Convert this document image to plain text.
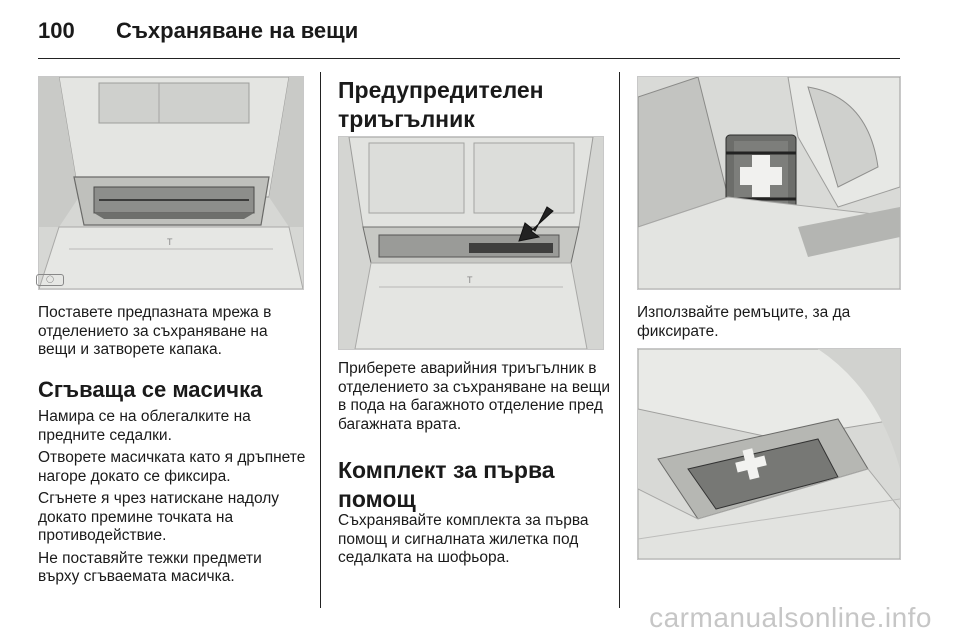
100 Съхраняване на вещи
T
◯

Поставете предпазната мрежа в отделението за съхраняване на вещи и затворете капака.

Сгъваща се масичка

Намира се на облегалките на предните седалки.

Отворете масичката като я дръпнете нагоре докато се фиксира.

Сгънете я чрез натискане надолу докато премине точката на противодействие.

Не поставяйте тежки предмети върху сгъваемата масичка.

Предупредителен триъгълник
T

Приберете аварийния триъгълник в отделението за съхраняване на вещи в пода на багажното отделение пред багажната врата.

Комплект за първа помощ

Съхранявайте комплекта за първа помощ и сигналната жилетка под седалката на шофьора.

Използвайте ремъците, за да фиксирате.

carmanualsonline.info
